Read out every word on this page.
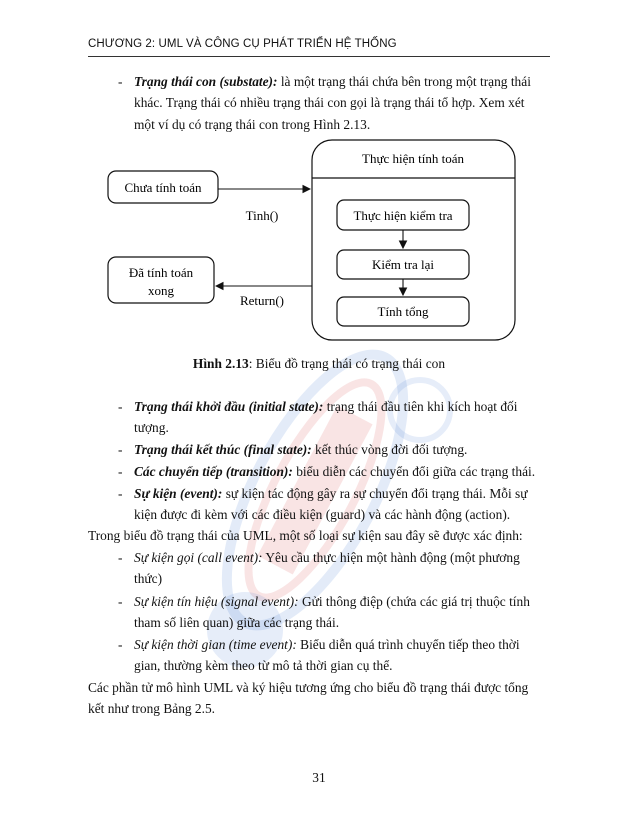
CHƯƠNG 2: UML VÀ CÔNG CỤ PHÁT TRIỂN HỆ THỐNG
- Trạng thái con (substate): là một trạng thái chứa bên trong một trạng thái
khác. Trạng thái có nhiều trạng thái con gọi là trạng thái tổ hợp. Xem xét
một ví dụ có trạng thái con trong Hình 2.13.
Thực hiện tính toán
Chưa tính toán
Đã tính toán
xong
Thực hiện kiểm tra
Kiểm tra lại
Tính tổng
Tinh()
Return()
Hình 2.13: Biểu đồ trạng thái có trạng thái con
- Trạng thái khởi đầu (initial state): trạng thái đầu tiên khi kích hoạt đối
tượng.
- Trạng thái kết thúc (final state): kết thúc vòng đời đối tượng.
- Các chuyển tiếp (transition): biểu diễn các chuyển đổi giữa các trạng thái.
- Sự kiện (event): sự kiện tác động gây ra sự chuyển đổi trạng thái. Mỗi sự
kiện được đi kèm với các điều kiện (guard) và các hành động (action).
Trong biểu đồ trạng thái của UML, một số loại sự kiện sau đây sẽ được xác định:
- Sự kiện gọi (call event): Yêu cầu thực hiện một hành động (một phương
thức)
- Sự kiện tín hiệu (signal event): Gửi thông điệp (chứa các giá trị thuộc tính
tham số liên quan) giữa các trạng thái.
- Sự kiện thời gian (time event): Biểu diễn quá trình chuyển tiếp theo thời
gian, thường kèm theo từ mô tả thời gian cụ thể.
Các phần tử mô hình UML và ký hiệu tương ứng cho biểu đồ trạng thái được tổng
kết như trong Bảng 2.5.
31
